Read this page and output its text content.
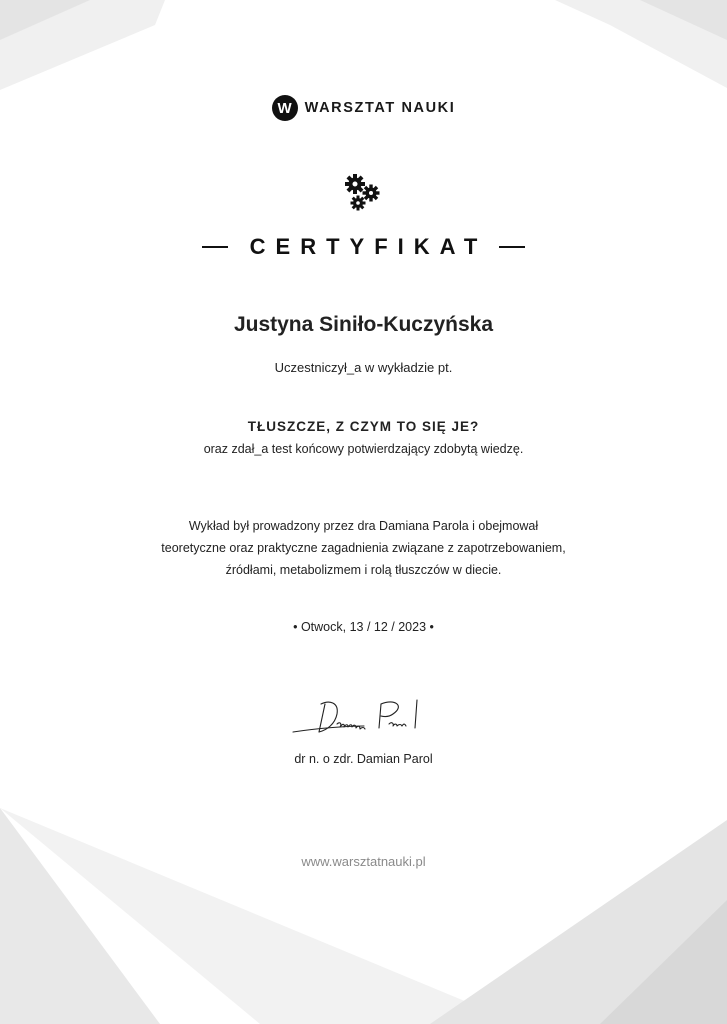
W WARSZTAT NAUKI
CERTYFIKAT
Justyna Siniło-Kuczyńska
Uczestniczył_a w wykładzie pt.
TŁUSZCZE, Z CZYM TO SIĘ JE?
oraz zdał_a test końcowy potwierdzający zdobytą wiedzę.
Wykład był prowadzony przez dra Damiana Parola i obejmował
teoretyczne oraz praktyczne zagadnienia związane z zapotrzebowaniem,
źródłami, metabolizmem i rolą tłuszczów w diecie.
• Otwock, 13 / 12 / 2023 •
dr n. o zdr. Damian Parol
www.warsztatnauki.pl
